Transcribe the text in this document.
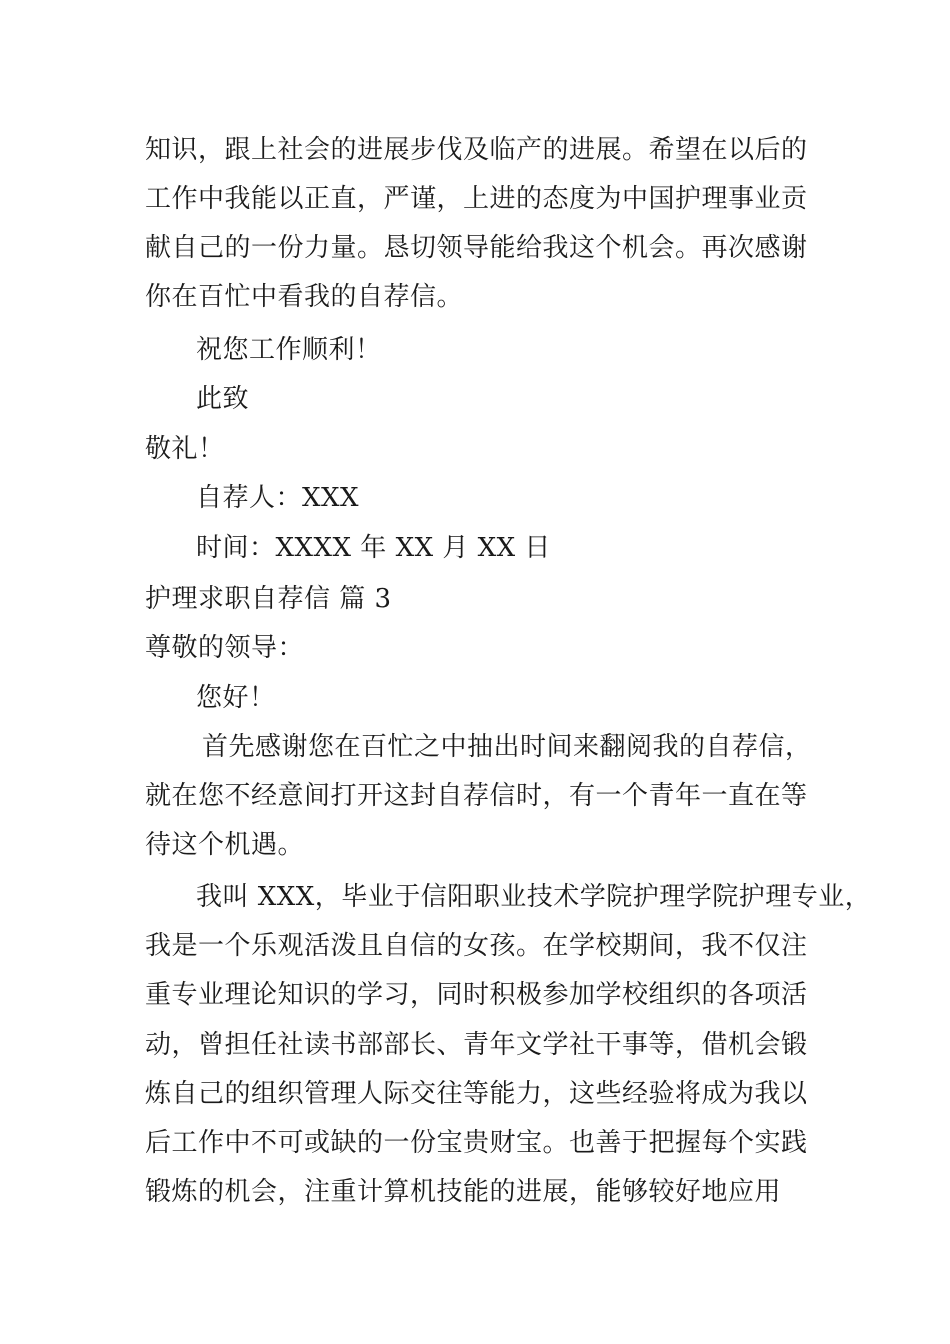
知识，跟上社会的进展步伐及临产的进展。希望在以后的
工作中我能以正直，严谨，上进的态度为中国护理事业贡
献自己的一份力量。恳切领导能给我这个机会。再次感谢
你在百忙中看我的自荐信。
祝您工作顺利！
此致
敬礼！
自荐人：XXX
时间：XXXX 年 XX 月 XX 日
护理求职自荐信 篇 3
尊敬的领导：
您好！
首先感谢您在百忙之中抽出时间来翻阅我的自荐信，
就在您不经意间打开这封自荐信时，有一个青年一直在等
待这个机遇。
我叫 XXX，毕业于信阳职业技术学院护理学院护理专业，
我是一个乐观活泼且自信的女孩。在学校期间，我不仅注
重专业理论知识的学习，同时积极参加学校组织的各项活
动，曾担任社读书部部长、青年文学社干事等，借机会锻
炼自己的组织管理人际交往等能力，这些经验将成为我以
后工作中不可或缺的一份宝贵财宝。也善于把握每个实践
锻炼的机会，注重计算机技能的进展，能够较好地应用
